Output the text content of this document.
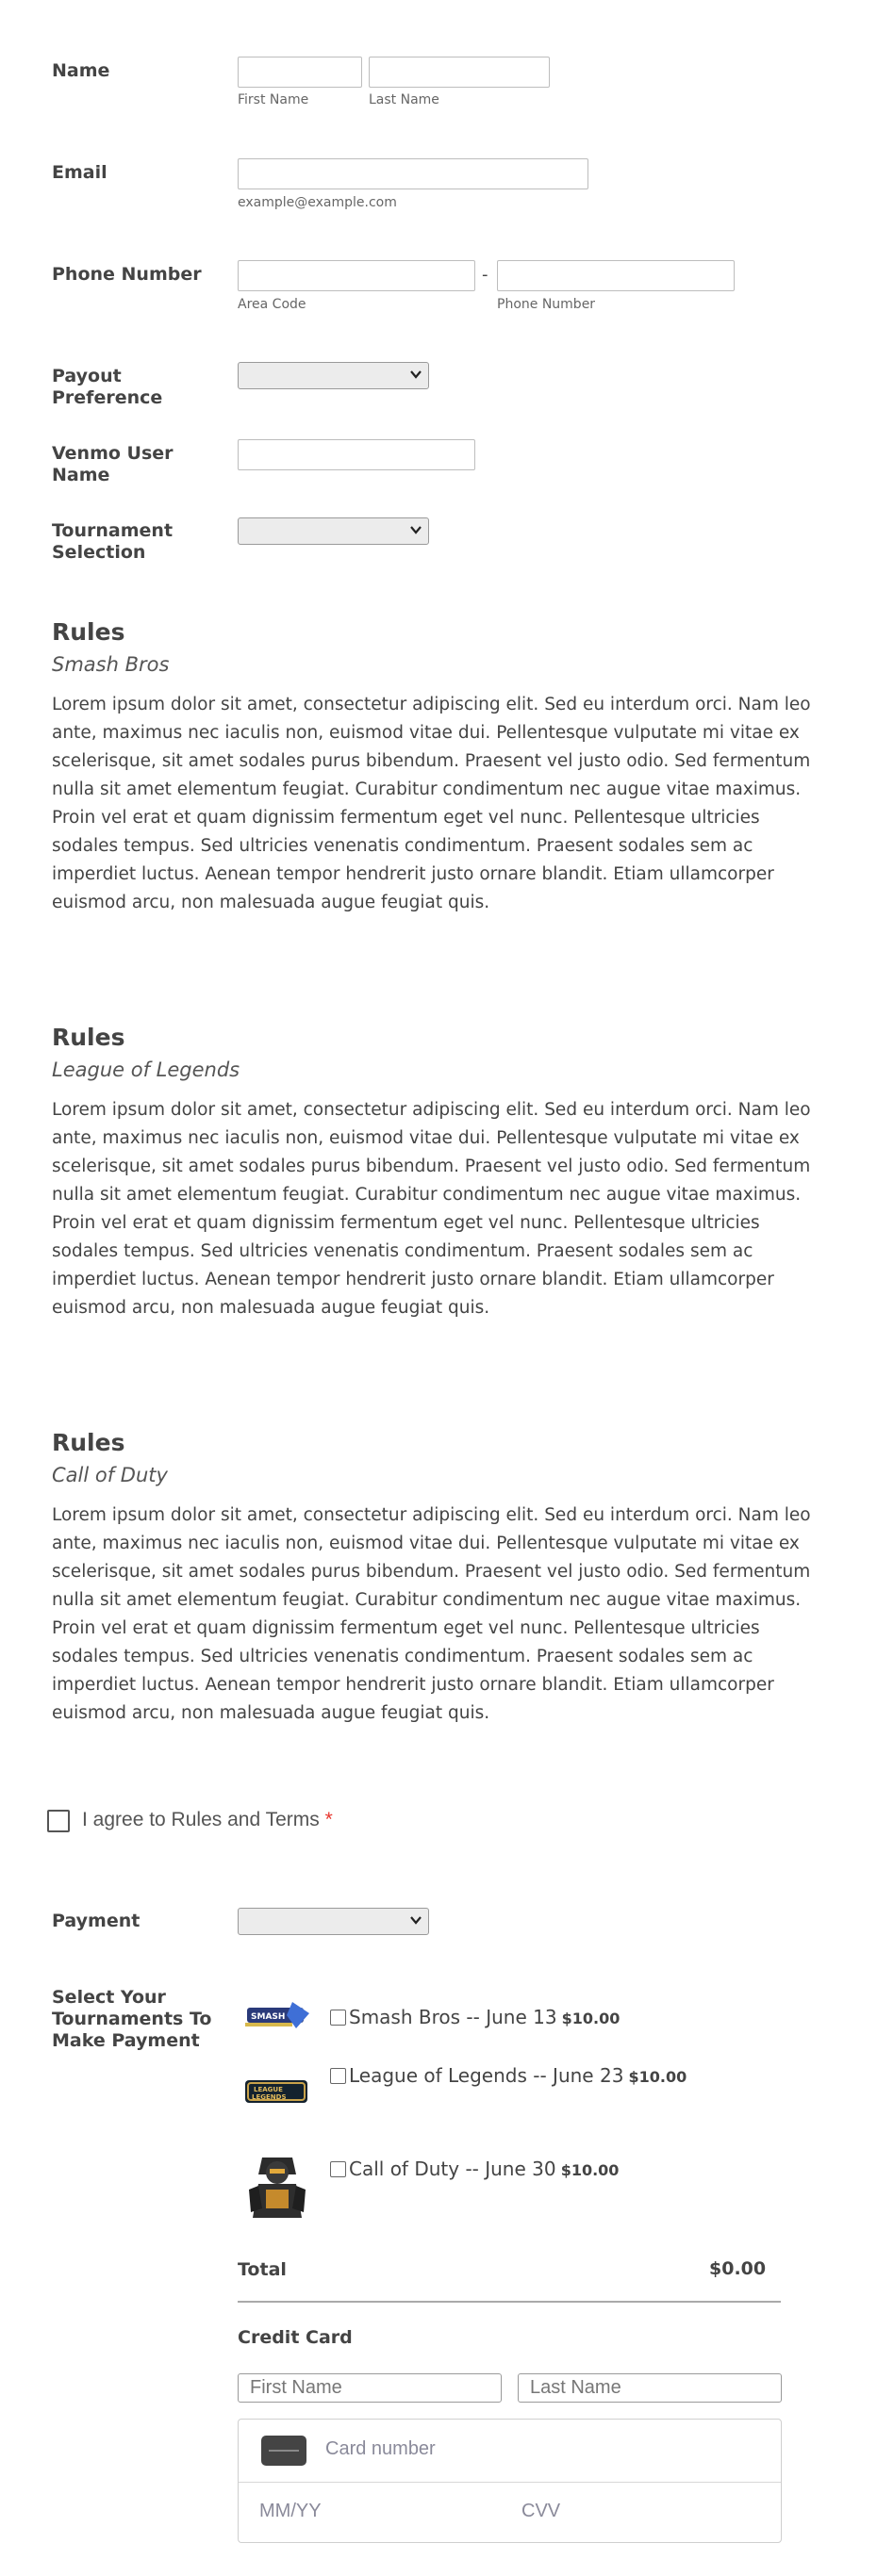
Name
First Name	Last Name
Email
example@example.com
Phone Number	-
Area Code	Phone Number
Payout
Preference
Venmo User
Name
Tournament
Selection
Rules
Smash Bros
Lorem ipsum dolor sit amet, consectetur adipiscing elit. Sed eu interdum orci. Nam leo ante, maximus nec iaculis non, euismod vitae dui. Pellentesque vulputate mi vitae ex scelerisque, sit amet sodales purus bibendum. Praesent vel justo odio. Sed fermentum nulla sit amet elementum feugiat. Curabitur condimentum nec augue vitae maximus. Proin vel erat et quam dignissim fermentum eget vel nunc. Pellentesque ultricies sodales tempus. Sed ultricies venenatis condimentum. Praesent sodales sem ac imperdiet luctus. Aenean tempor hendrerit justo ornare blandit. Etiam ullamcorper euismod arcu, non malesuada augue feugiat quis.
Rules
League of Legends
Lorem ipsum dolor sit amet, consectetur adipiscing elit. Sed eu interdum orci. Nam leo ante, maximus nec iaculis non, euismod vitae dui. Pellentesque vulputate mi vitae ex scelerisque, sit amet sodales purus bibendum. Praesent vel justo odio. Sed fermentum nulla sit amet elementum feugiat. Curabitur condimentum nec augue vitae maximus. Proin vel erat et quam dignissim fermentum eget vel nunc. Pellentesque ultricies sodales tempus. Sed ultricies venenatis condimentum. Praesent sodales sem ac imperdiet luctus. Aenean tempor hendrerit justo ornare blandit. Etiam ullamcorper euismod arcu, non malesuada augue feugiat quis.
Rules
Call of Duty
Lorem ipsum dolor sit amet, consectetur adipiscing elit. Sed eu interdum orci. Nam leo ante, maximus nec iaculis non, euismod vitae dui. Pellentesque vulputate mi vitae ex scelerisque, sit amet sodales purus bibendum. Praesent vel justo odio. Sed fermentum nulla sit amet elementum feugiat. Curabitur condimentum nec augue vitae maximus. Proin vel erat et quam dignissim fermentum eget vel nunc. Pellentesque ultricies sodales tempus. Sed ultricies venenatis condimentum. Praesent sodales sem ac imperdiet luctus. Aenean tempor hendrerit justo ornare blandit. Etiam ullamcorper euismod arcu, non malesuada augue feugiat quis.
I agree to Rules and Terms *
Payment
Select Your
Tournaments To
Make Payment
SMASH	Smash Bros -- June 13 $10.00
LEAGUE
LEGENDS
League of Legends -- June 23 $10.00
Call of Duty -- June 30 $10.00
Total	$0.00
Credit Card
First Name	Last Name
Card number
MM/YY	CVV
